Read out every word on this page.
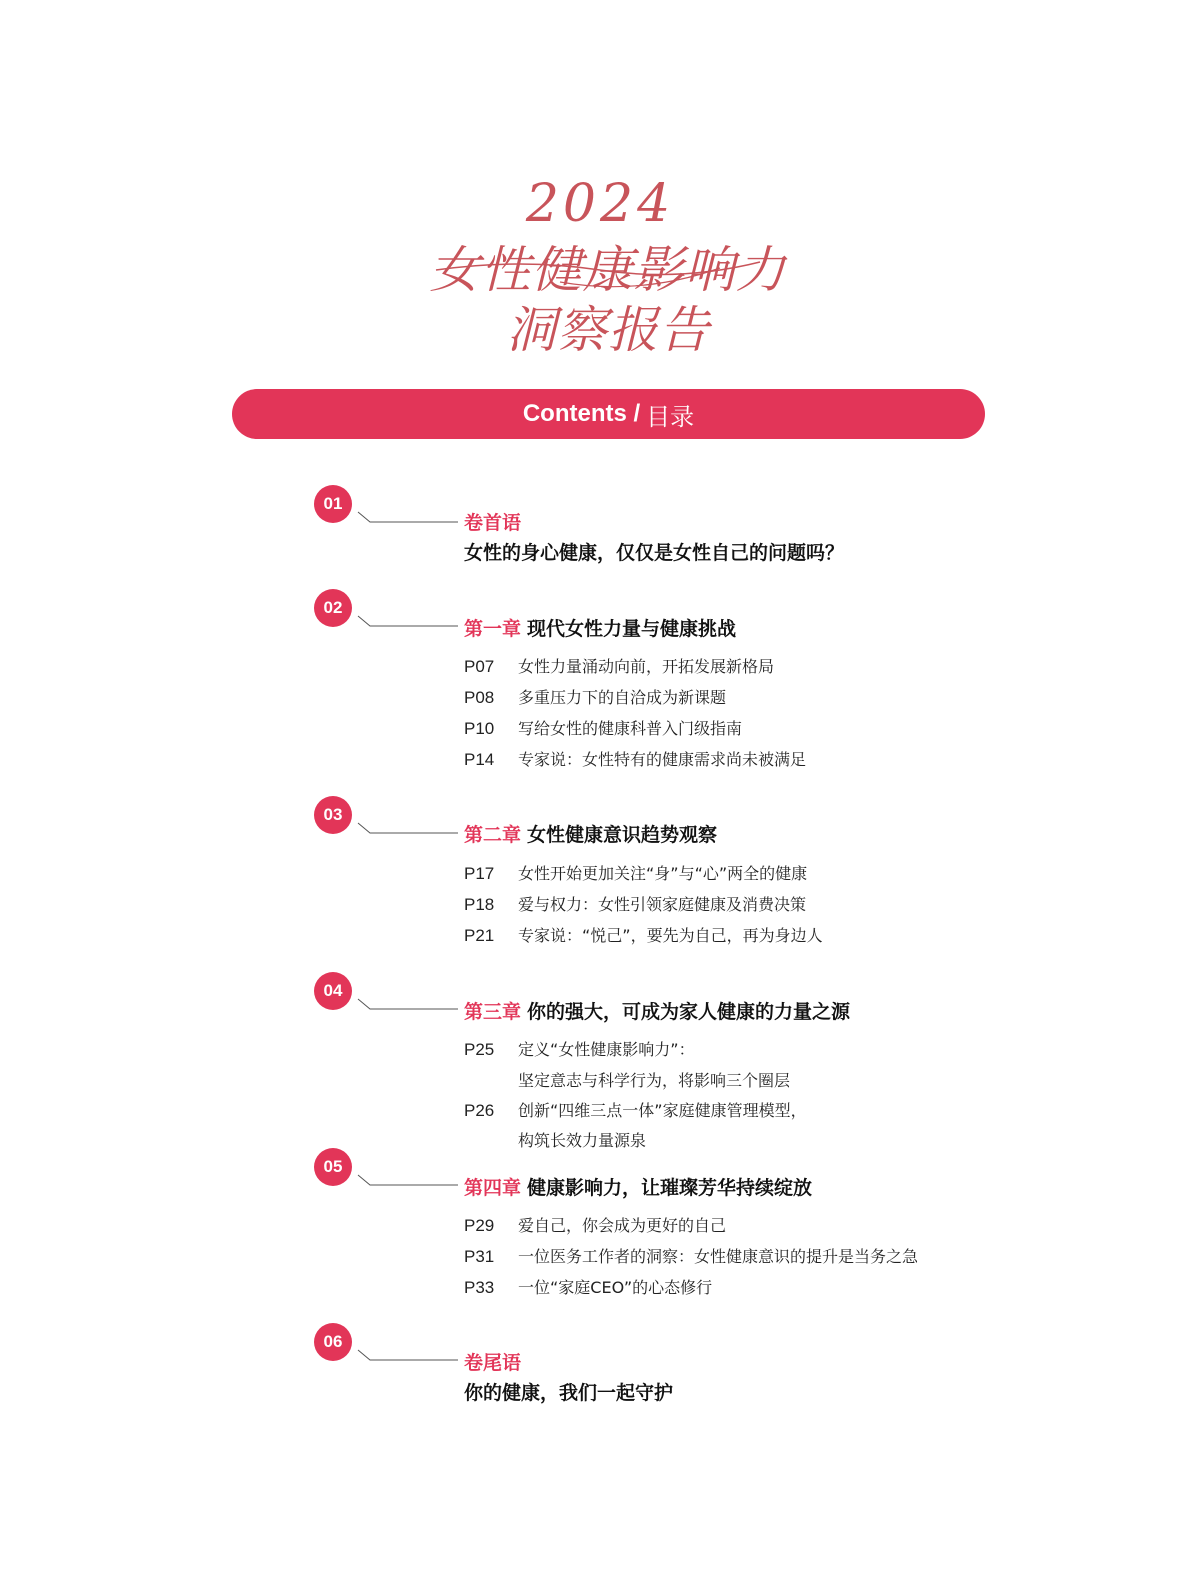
2024
女性健康影响力
洞察报告
Contents / 目录
01
卷首语
女性的身心健康，仅仅是女性自己的问题吗？
02
第一章 现代女性力量与健康挑战
P07 女性力量涌动向前，开拓发展新格局
P08 多重压力下的自洽成为新课题
P10 写给女性的健康科普入门级指南
P14 专家说：女性特有的健康需求尚未被满足
03
第二章 女性健康意识趋势观察
P17 女性开始更加关注“身”与“心”两全的健康
P18 爱与权力：女性引领家庭健康及消费决策
P21 专家说：“悦己”，要先为自己，再为身边人
04
第三章 你的强大，可成为家人健康的力量之源
P25 定义“女性健康影响力”：
坚定意志与科学行为，将影响三个圈层
P26 创新“四维三点一体”家庭健康管理模型，
构筑长效力量源泉
05
第四章 健康影响力，让璀璨芳华持续绽放
P29 爱自己，你会成为更好的自己
P31 一位医务工作者的洞察：女性健康意识的提升是当务之急
P33 一位“家庭CEO”的心态修行
06
卷尾语
你的健康，我们一起守护
